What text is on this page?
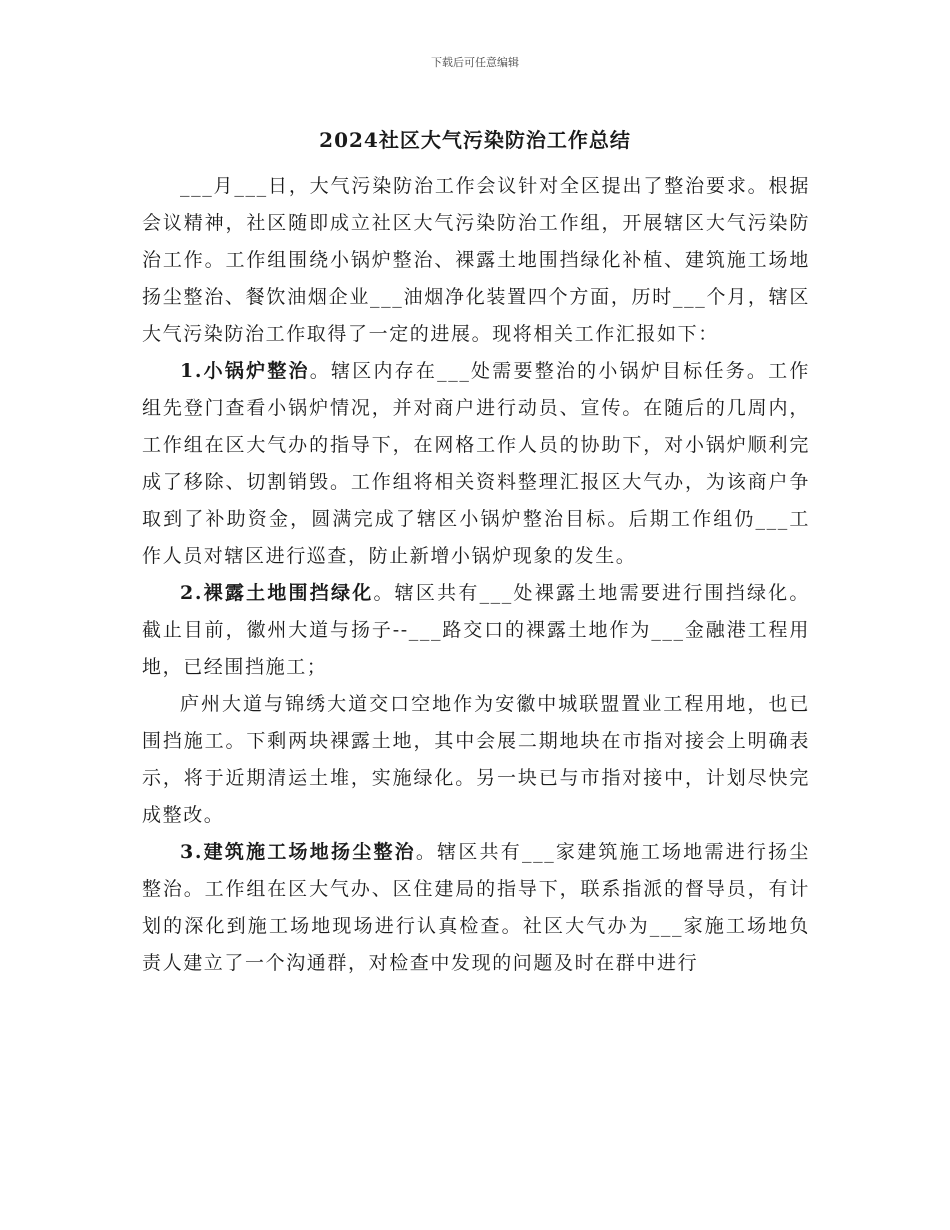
下载后可任意编辑
2024社区大气污染防治工作总结

___月___日，大气污染防治工作会议针对全区提出了整治要求。根据会议精神，社区随即成立社区大气污染防治工作组，开展辖区大气污染防治工作。工作组围绕小锅炉整治、裸露土地围挡绿化补植、建筑施工场地扬尘整治、餐饮油烟企业___油烟净化装置四个方面，历时___个月，辖区大气污染防治工作取得了一定的进展。现将相关工作汇报如下：

1.小锅炉整治。辖区内存在___处需要整治的小锅炉目标任务。工作组先登门查看小锅炉情况，并对商户进行动员、宣传。在随后的几周内，工作组在区大气办的指导下，在网格工作人员的协助下，对小锅炉顺利完成了移除、切割销毁。工作组将相关资料整理汇报区大气办，为该商户争取到了补助资金，圆满完成了辖区小锅炉整治目标。后期工作组仍___工作人员对辖区进行巡查，防止新增小锅炉现象的发生。

2.裸露土地围挡绿化。辖区共有___处裸露土地需要进行围挡绿化。截止目前，徽州大道与扬子--___路交口的裸露土地作为___金融港工程用地，已经围挡施工；

庐州大道与锦绣大道交口空地作为安徽中城联盟置业工程用地，也已围挡施工。下剩两块裸露土地，其中会展二期地块在市指对接会上明确表示，将于近期清运土堆，实施绿化。另一块已与市指对接中，计划尽快完成整改。

3.建筑施工场地扬尘整治。辖区共有___家建筑施工场地需进行扬尘整治。工作组在区大气办、区住建局的指导下，联系指派的督导员，有计划的深化到施工场地现场进行认真检查。社区大气办为___家施工场地负责人建立了一个沟通群，对检查中发现的问题及时在群中进行
